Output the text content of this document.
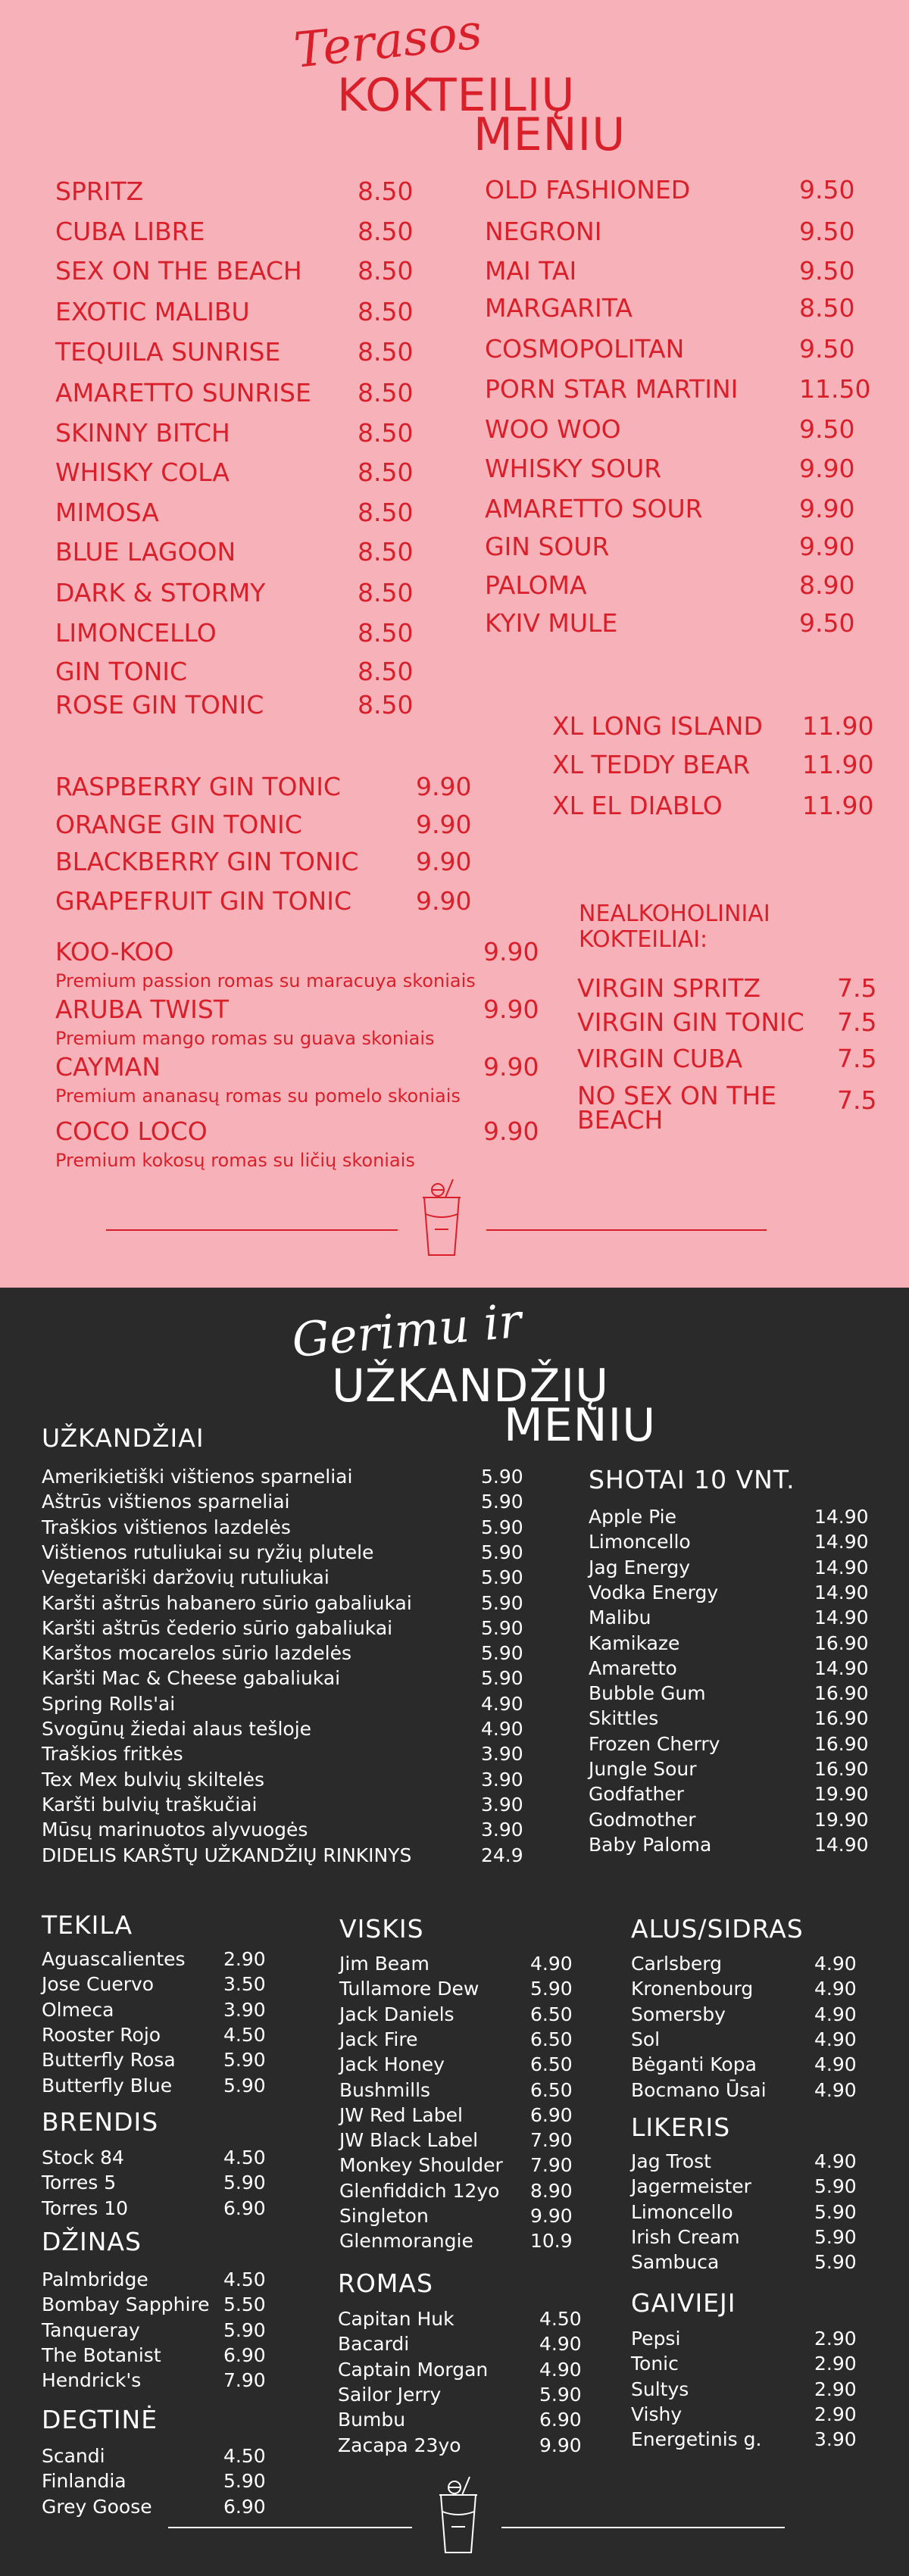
Terasos
KOKTEILIŲ
MENIU
SPRITZ	8.50
CUBA LIBRE	8.50
SEX ON THE BEACH 8.50
EXOTIC MALIBU	8.50
TEQUILA SUNRISE	8.50
AMARETTO SUNRISE 8.50
SKINNY BITCH	8.50
WHISKY COLA	8.50
MIMOSA	8.50
BLUE LAGOON	8.50
DARK & STORMY	8.50
LIMONCELLO	8.50
GIN TONIC	8.50
ROSE GIN TONIC	8.50
OLD FASHIONED	9.50
NEGRONI	9.50
MAI TAI	9.50
MARGARITA	8.50
COSMOPOLITAN	9.50
PORN STAR MARTINI 11.50
WOO WOO	9.50
WHISKY SOUR	9.90
AMARETTO SOUR	9.90
GIN SOUR	9.90
PALOMA	8.90
KYIV MULE	9.50
XL LONG ISLAND 11.90
XL TEDDY BEAR 11.90
XL EL DIABLO	11.90
RASPBERRY GIN TONIC	9.90
ORANGE GIN TONIC	9.90
BLACKBERRY GIN TONIC 9.90
GRAPEFRUIT GIN TONIC	9.90
KOO-KOO	9.90
Premium passion romas su maracuya skoniais
ARUBA TWIST	9.90
Premium mango romas su guava skoniais
CAYMAN	9.90
Premium ananasų romas su pomelo skoniais
COCO LOCO	9.90
Premium kokosų romas su ličių skoniais
NEALKOHOLINIAI
KOKTEILIAI:
VIRGIN SPRITZ	7.5
VIRGIN GIN TONIC 7.5
VIRGIN CUBA	7.5
NO SEX ON THE
BEACH
7.5
Gerimu ir
UŽKANDŽIŲ
MENIU
UŽKANDŽIAI
Amerikietiški vištienos sparneliai	5.90
Aštrūs vištienos sparneliai	5.90
Traškios vištienos lazdelės	5.90
Vištienos rutuliukai su ryžių plutele	5.90
Vegetariški daržovių rutuliukai	5.90
Karšti aštrūs habanero sūrio gabaliukai	5.90
Karšti aštrūs čederio sūrio gabaliukai	5.90
Karštos mocarelos sūrio lazdelės	5.90
Karšti Mac & Cheese gabaliukai	5.90
Spring Rolls'ai	4.90
Svogūnų žiedai alaus tešloje	4.90
Traškios fritkės	3.90
Tex Mex bulvių skiltelės	3.90
Karšti bulvių traškučiai	3.90
Mūsų marinuotos alyvuogės	3.90
DIDELIS KARŠTŲ UŽKANDŽIŲ RINKINYS	24.9
SHOTAI 10 VNT.
Apple Pie	14.90
Limoncello	14.90
Jag Energy	14.90
Vodka Energy	14.90
Malibu	14.90
Kamikaze	16.90
Amaretto	14.90
Bubble Gum	16.90
Skittles	16.90
Frozen Cherry	16.90
Jungle Sour	16.90
Godfather	19.90
Godmother	19.90
Baby Paloma	14.90
TEKILA
Aguascalientes 2.90
Jose Cuervo	3.50
Olmeca	3.90
Rooster Rojo	4.50
Butterfly Rosa	5.90
Butterfly Blue	5.90
BRENDIS
Stock 84	4.50
Torres 5	5.90
Torres 10	6.90
DŽINAS
Palmbridge	4.50
Bombay Sapphire 5.50
Tanqueray	5.90
The Botanist	6.90
Hendrick's	7.90
DEGTINĖ
Scandi	4.50
Finlandia	5.90
Grey Goose	6.90
VISKIS
Jim Beam	4.90
Tullamore Dew	5.90
Jack Daniels	6.50
Jack Fire	6.50
Jack Honey	6.50
Bushmills	6.50
JW Red Label	6.90
JW Black Label	7.90
Monkey Shoulder 7.90
Glenfiddich 12yo 8.90
Singleton	9.90
Glenmorangie	10.9
ROMAS
Capitan Huk	4.50
Bacardi	4.90
Captain Morgan	4.90
Sailor Jerry	5.90
Bumbu	6.90
Zacapa 23yo	9.90
ALUS/SIDRAS
Carlsberg	4.90
Kronenbourg	4.90
Somersby	4.90
Sol	4.90
Bėganti Kopa	4.90
Bocmano Ūsai	4.90
LIKERIS
Jag Trost	4.90
Jagermeister	5.90
Limoncello	5.90
Irish Cream	5.90
Sambuca	5.90
GAIVIEJI
Pepsi	2.90
Tonic	2.90
Sultys	2.90
Vishy	2.90
Energetinis g.	3.90
